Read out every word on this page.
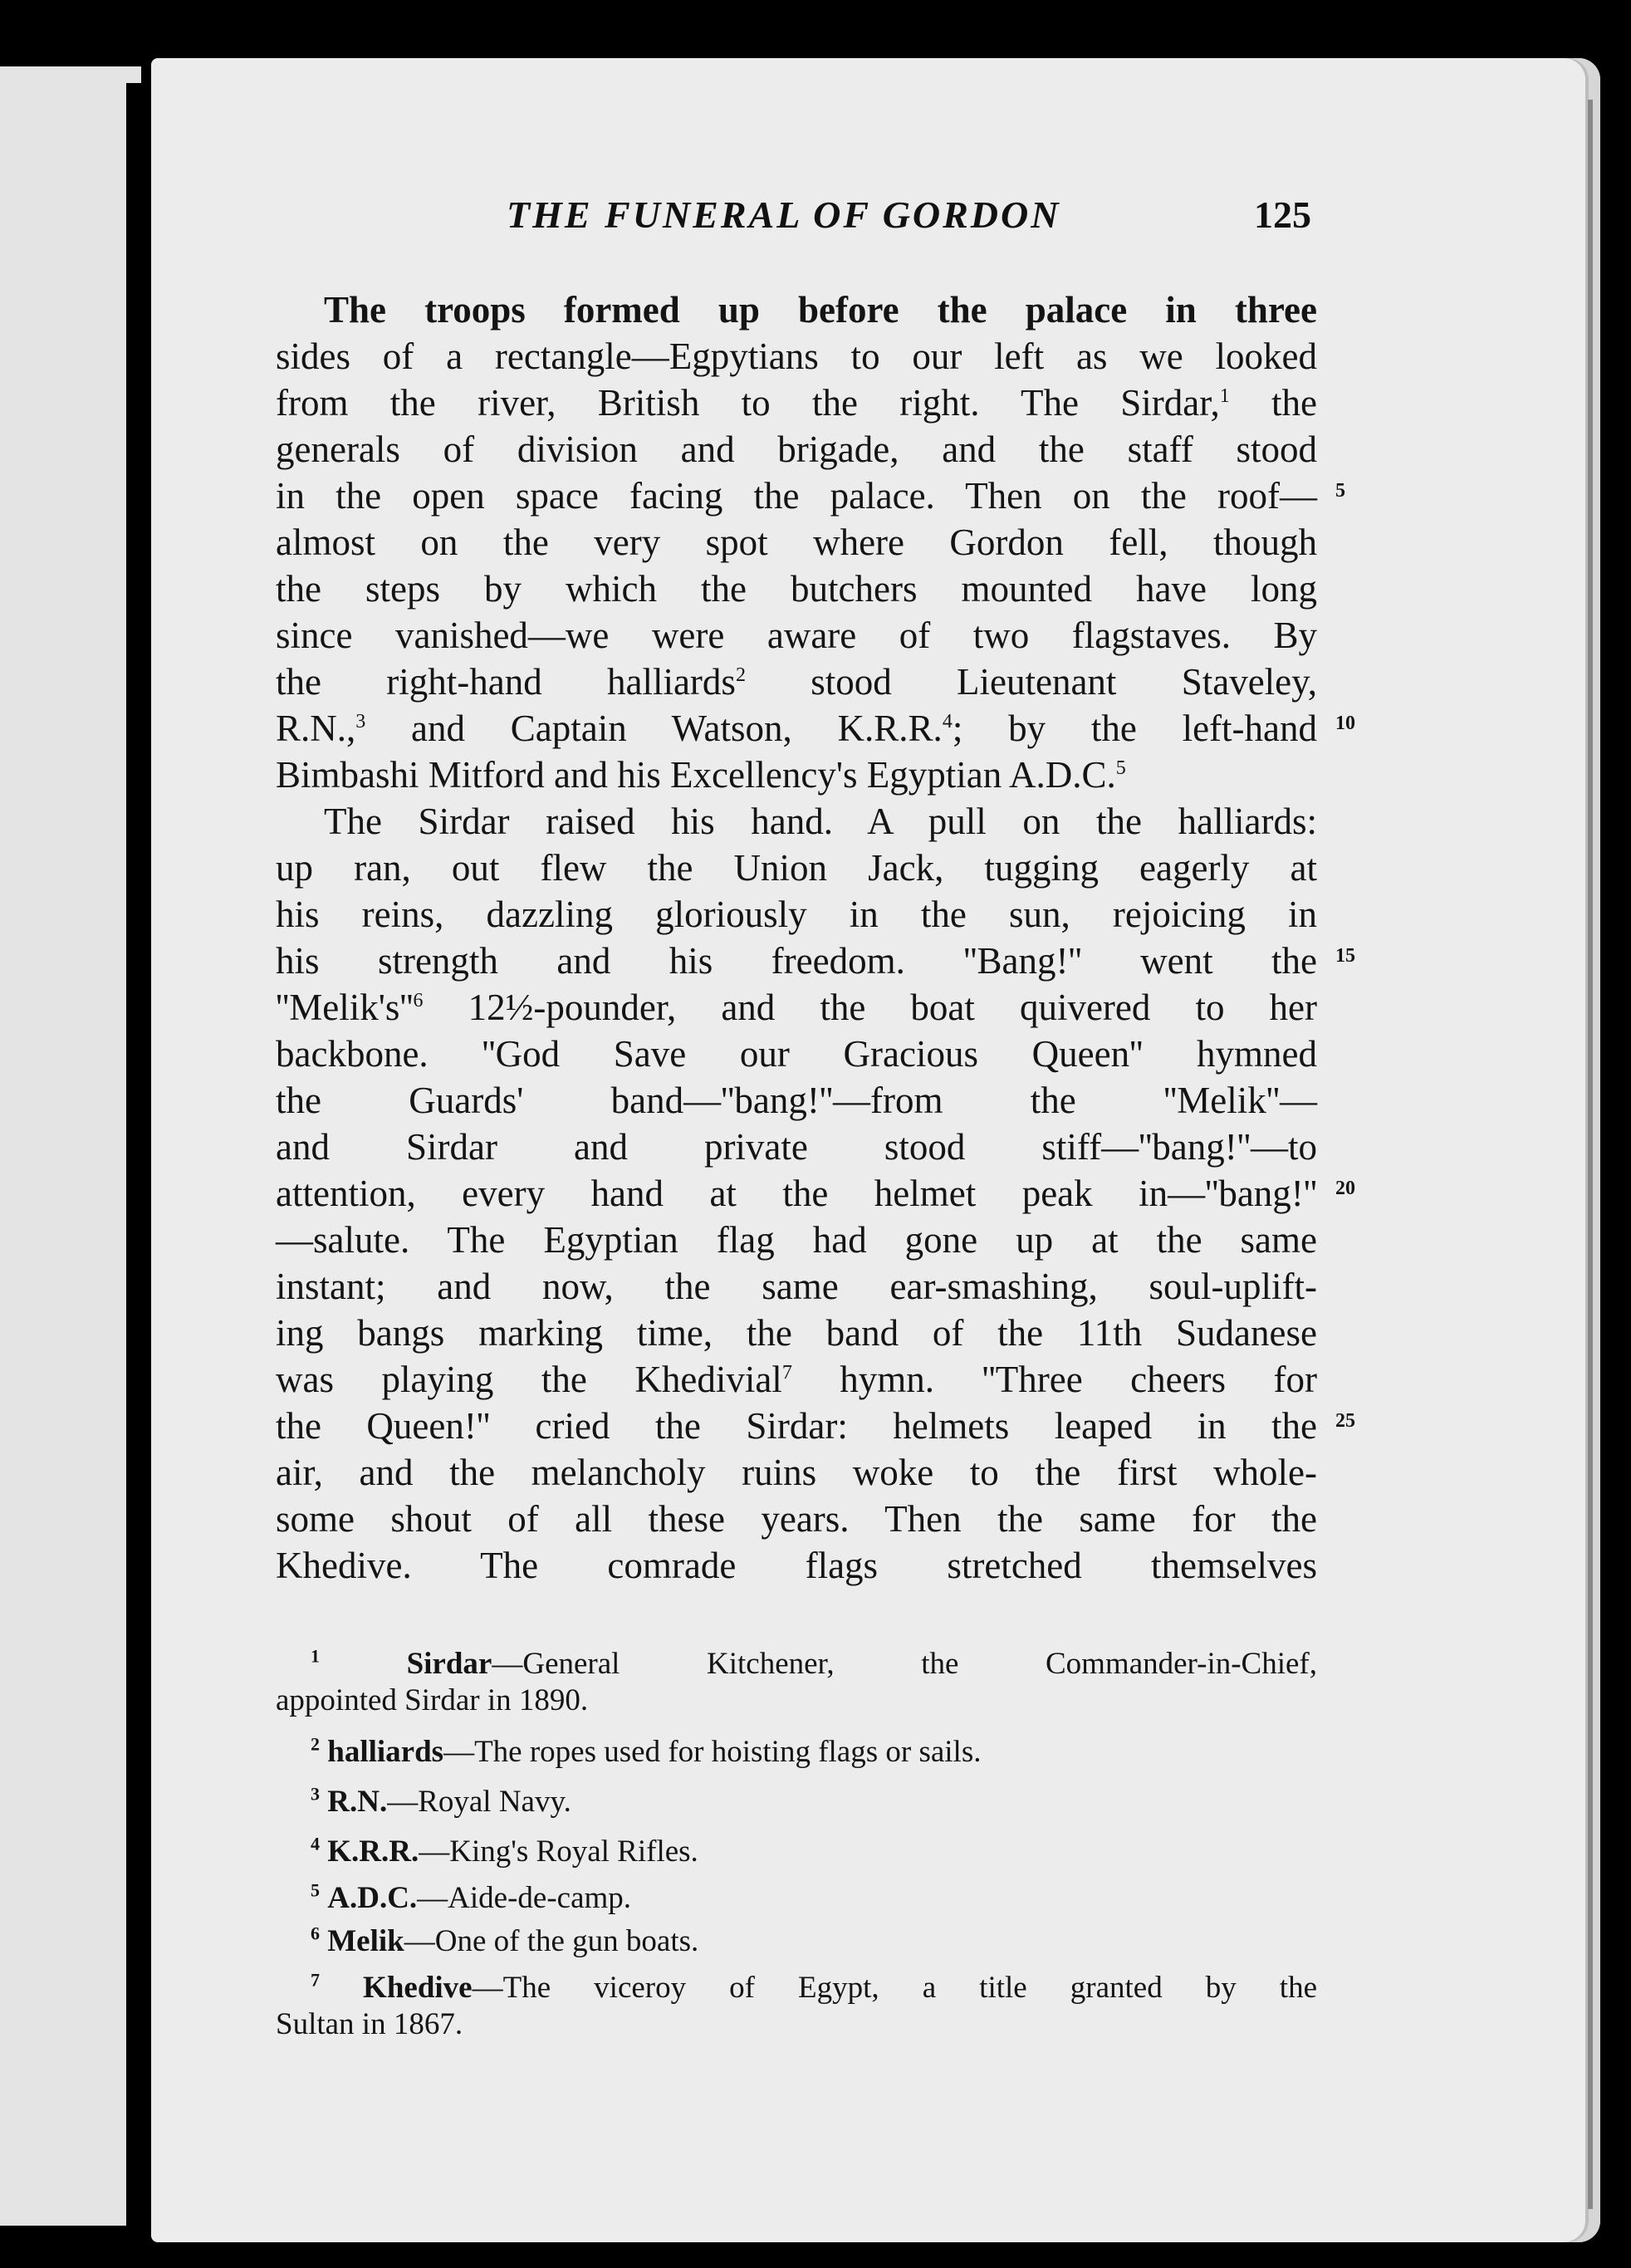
THE FUNERAL OF GORDON	125
The troops formed up before the palace in three
sides of a rectangle—Egpytians to our left as we looked
from the river, British to the right. The Sirdar,$^1$ the
generals of division and brigade, and the staff stood
in the open space facing the palace. Then on the roof—
almost on the very spot where Gordon fell, though
the steps by which the butchers mounted have long
since vanished—we were aware of two flagstaves. By
the right-hand halliards$^2$ stood Lieutenant Staveley,
R.N.,$^3$ and Captain Watson, K.R.R.$^4$; by the left-hand
Bimbashi Mitford and his Excellency's Egyptian A.D.C.$^5$
The Sirdar raised his hand. A pull on the halliards:
up ran, out flew the Union Jack, tugging eagerly at
his reins, dazzling gloriously in the sun, rejoicing in
his strength and his freedom. ''Bang!'' went the
''$Melik's''^6$ 12½-pounder, and the boat quivered to her
backbone. ''God Save our Gracious Queen'' hymned
the Guards' band—''bang!''—from the ''Melik''—
and Sirdar and private stood stiff—''bang!''—to
attention, every hand at the helmet peak in—''bang!''
—salute. The Egyptian flag had gone up at the same
instant; and now, the same ear-smashing, soul-uplift-
ing bangs marking time, the band of the 11th Sudanese
was playing the Khedivial$^7$ hymn. ''Three cheers for
the Queen!'' cried the Sirdar: helmets leaped in the
air, and the melancholy ruins woke to the first whole-
some shout of all these years. Then the same for the
Khedive. The comrade flags stretched themselves
5
10
15
20
25
$^1$	Sirdar—General Kitchener, the Commander-in-Chief,
appointed Sirdar in 1890.
$^2$ halliards—The ropes used for hoisting flags or sails.
$^3$ R.N.—Royal Navy.
$^4$ K.R.R.—King's Royal Rifles.
$^5$ A.D.C.—Aide-de-camp.
$^6$ Melik—One of the gun boats.
$^7$ Khedive—The viceroy of Egypt, a title granted by the
Sultan in 1867.
